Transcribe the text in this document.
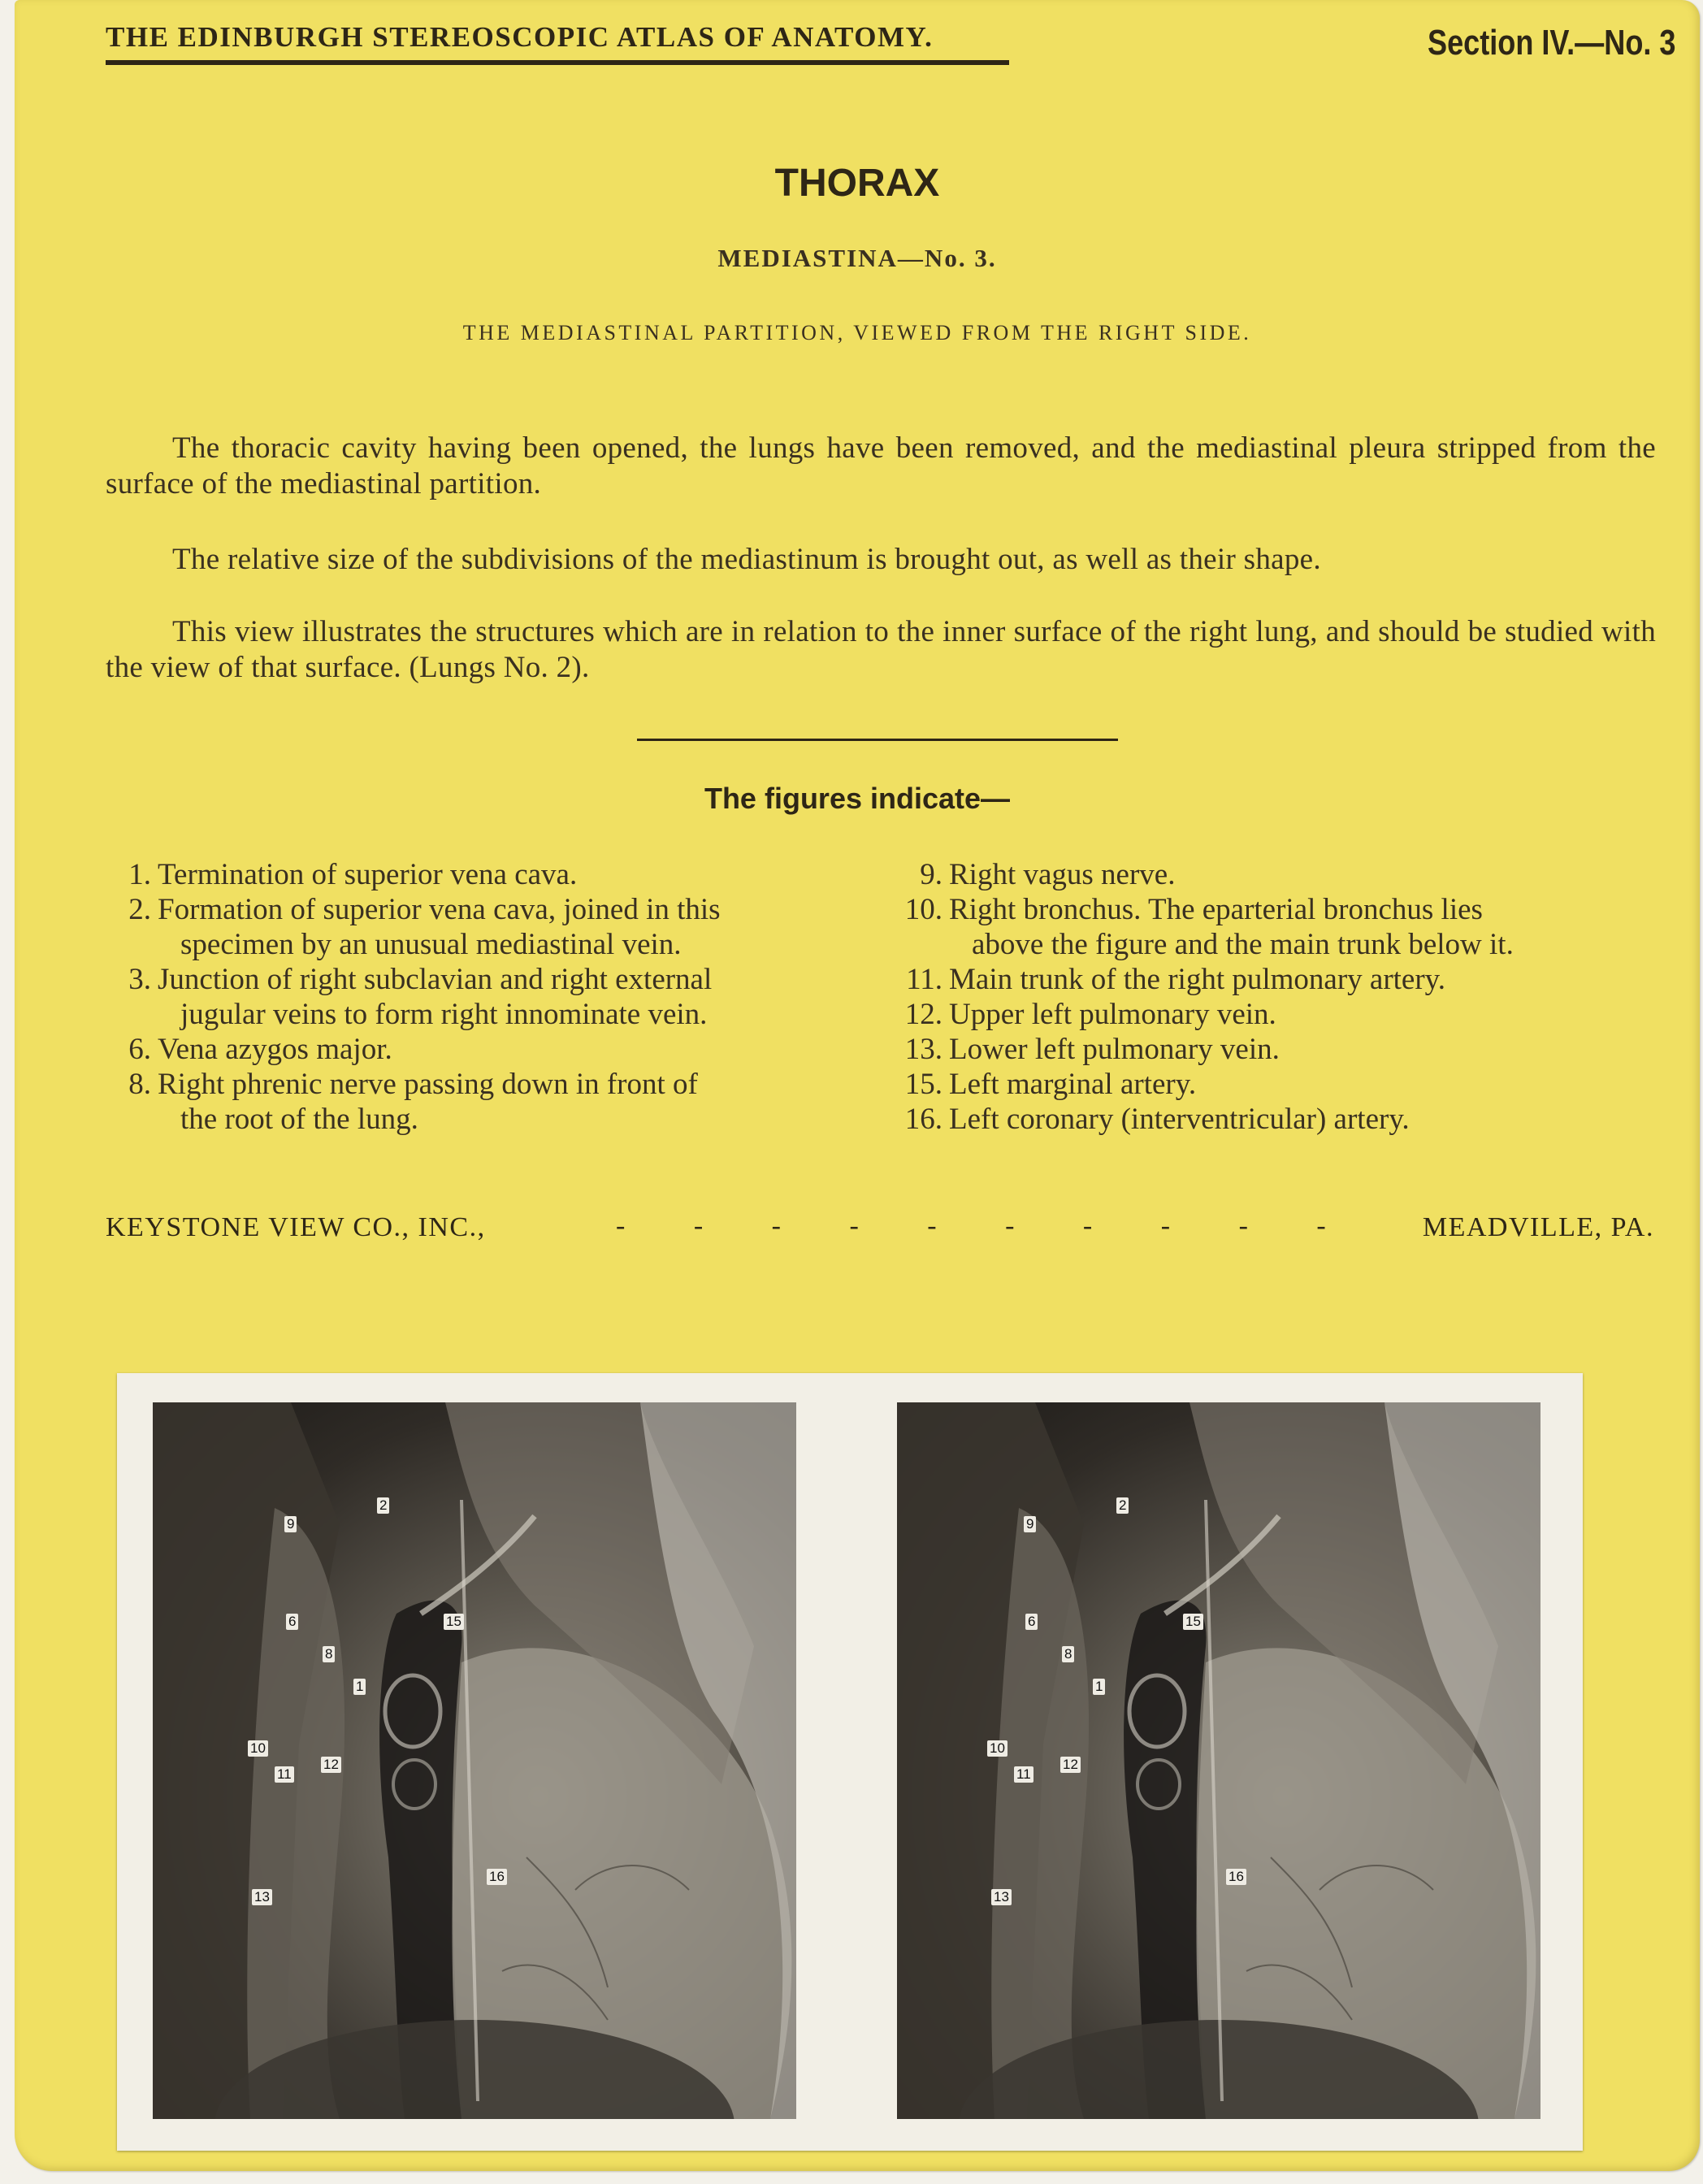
THE EDINBURGH STEREOSCOPIC ATLAS OF ANATOMY.	Section IV.—No. 3
THORAX
MEDIASTINA—No. 3.
THE MEDIASTINAL PARTITION, VIEWED FROM THE RIGHT SIDE.
The thoracic cavity having been opened, the lungs have been removed, and the mediastinal pleura stripped from the surface of the mediastinal partition.
The relative size of the subdivisions of the mediastinum is brought out, as well as their shape.
This view illustrates the structures which are in relation to the inner surface of the right lung, and should be studied with the view of that surface. (Lungs No. 2).
The figures indicate—
1. Termination of superior vena cava.
2. Formation of superior vena cava, joined in this
specimen by an unusual mediastinal vein.
3. Junction of right subclavian and right external
jugular veins to form right innominate vein.
6. Vena azygos major.
8. Right phrenic nerve passing down in front of
the root of the lung.
9. Right vagus nerve.
10. Right bronchus. The eparterial bronchus lies
above the figure and the main trunk below it.
11. Main trunk of the right pulmonary artery.
12. Upper left pulmonary vein.
13. Lower left pulmonary vein.
15. Left marginal artery.
16. Left coronary (interventricular) artery.
KEYSTONE VIEW CO., INC.,	- - - - - - - - - - MEADVILLE, PA.
9
2
6	15
8
1
10
12
11
16
13
9
2
6	15
8
1
10
12
11
16
13
